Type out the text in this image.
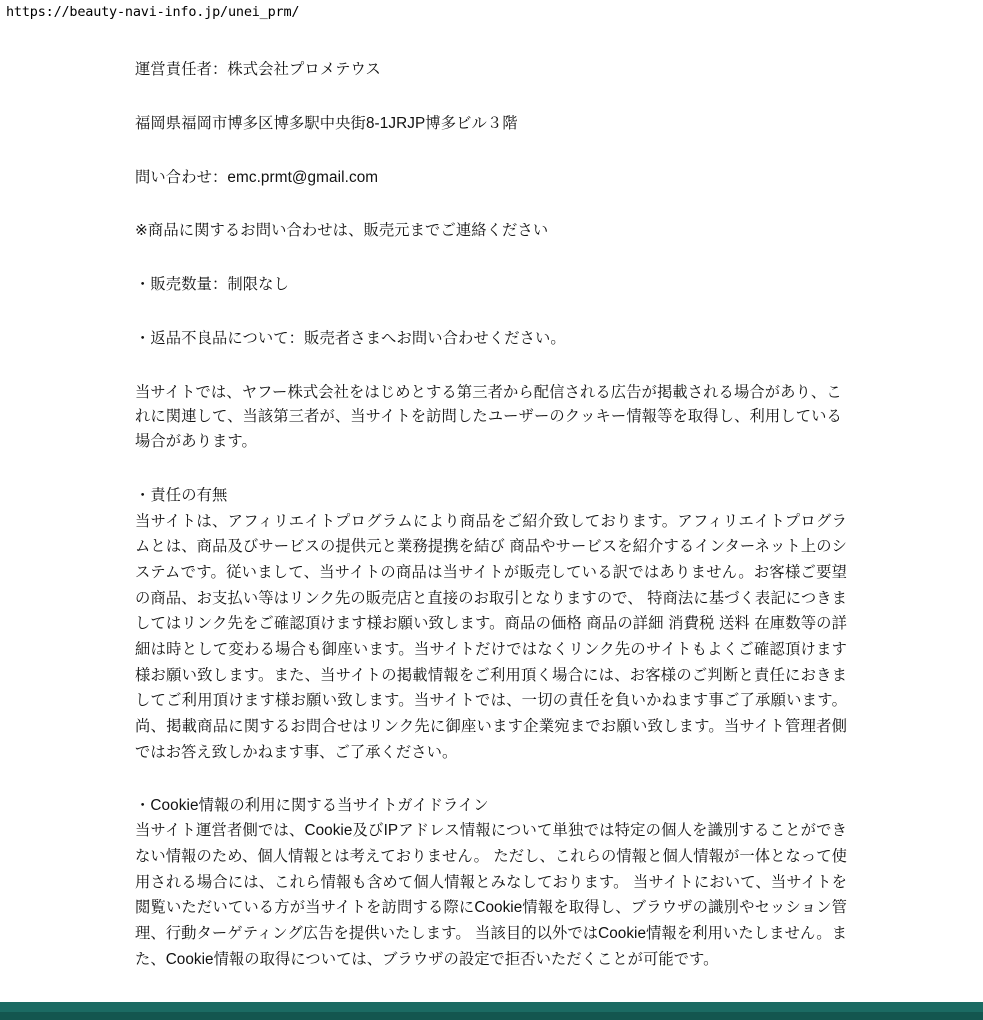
https://beauty-navi-info.jp/unei_prm/

運営責任者：株式会社プロメテウス

福岡県福岡市博多区博多駅中央街8-1JRJP博多ビル３階

問い合わせ：emc.prmt@gmail.com

※商品に関するお問い合わせは、販売元までご連絡ください

・販売数量：制限なし

・返品不良品について：販売者さまへお問い合わせください。

当サイトでは、ヤフー株式会社をはじめとする第三者から配信される広告が掲載される場合があり、これに関連して、当該第三者が、当サイトを訪問したユーザーのクッキー情報等を取得し、利用している場合があります。

・責任の有無

当サイトは、アフィリエイトプログラムにより商品をご紹介致しております。アフィリエイトプログラムとは、商品及びサービスの提供元と業務提携を結び 商品やサービスを紹介するインターネット上のシステムです。従いまして、当サイトの商品は当サイトが販売している訳ではありません。お客様ご要望の商品、お支払い等はリンク先の販売店と直接のお取引となりますので、 特商法に基づく表記につきましてはリンク先をご確認頂けます様お願い致します。商品の価格 商品の詳細 消費税 送料 在庫数等の詳細は時として変わる場合も御座います。当サイトだけではなくリンク先のサイトもよくご確認頂けます様お願い致します。また、当サイトの掲載情報をご利用頂く場合には、お客様のご判断と責任におきましてご利用頂けます様お願い致します。当サイトでは、一切の責任を負いかねます事ご了承願います。尚、掲載商品に関するお問合せはリンク先に御座います企業宛までお願い致します。当サイト管理者側ではお答え致しかねます事、ご了承ください。

・Cookie情報の利用に関する当サイトガイドライン

当サイト運営者側では、Cookie及びIPアドレス情報について単独では特定の個人を識別することができない情報のため、個人情報とは考えておりません。 ただし、これらの情報と個人情報が一体となって使用される場合には、これら情報も含めて個人情報とみなしております。 当サイトにおいて、当サイトを閲覧いただいている方が当サイトを訪問する際にCookie情報を取得し、ブラウザの識別やセッション管理、行動ターゲティング広告を提供いたします。 当該目的以外ではCookie情報を利用いたしません。また、Cookie情報の取得については、ブラウザの設定で拒否いただくことが可能です。
